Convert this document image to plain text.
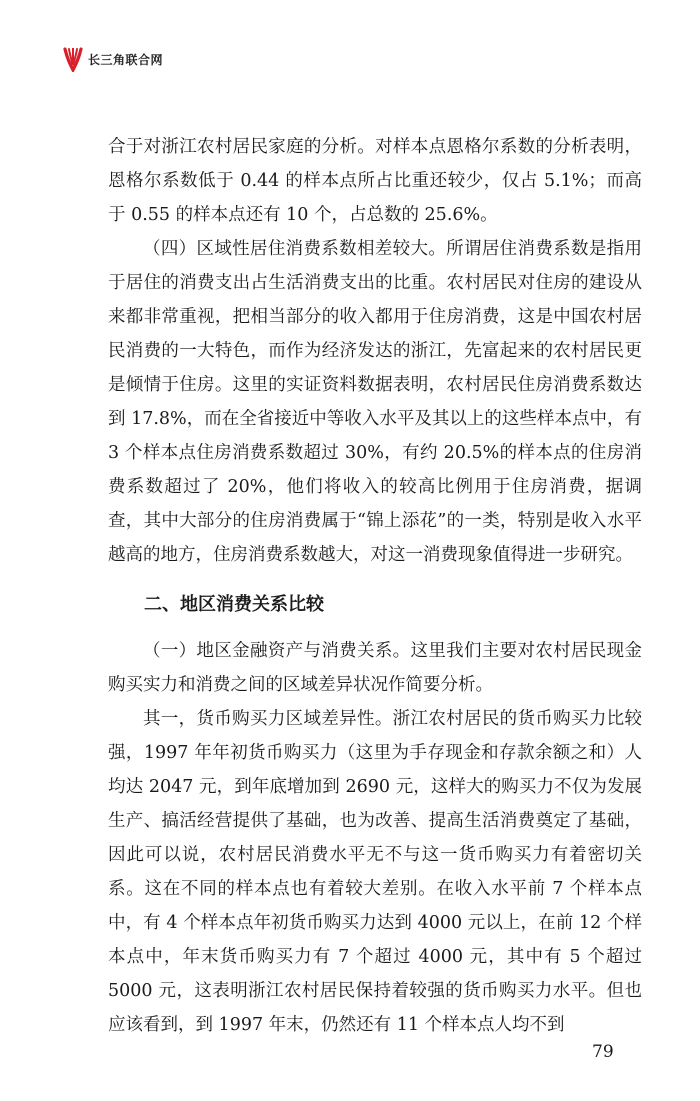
长三角联合网

合于对浙江农村居民家庭的分析。对样本点恩格尔系数的分析表明，恩格尔系数低于 0.44 的样本点所占比重还较少，仅占 5.1%；而高于 0.55 的样本点还有 10 个，占总数的 25.6%。

（四）区域性居住消费系数相差较大。所谓居住消费系数是指用于居住的消费支出占生活消费支出的比重。农村居民对住房的建设从来都非常重视，把相当部分的收入都用于住房消费，这是中国农村居民消费的一大特色，而作为经济发达的浙江，先富起来的农村居民更是倾情于住房。这里的实证资料数据表明，农村居民住房消费系数达到 17.8%，而在全省接近中等收入水平及其以上的这些样本点中，有 3 个样本点住房消费系数超过 30%，有约 20.5%的样本点的住房消费系数超过了 20%，他们将收入的较高比例用于住房消费，据调查，其中大部分的住房消费属于“锦上添花”的一类，特别是收入水平越高的地方，住房消费系数越大，对这一消费现象值得进一步研究。

二、地区消费关系比较

（一）地区金融资产与消费关系。这里我们主要对农村居民现金购买实力和消费之间的区域差异状况作简要分析。

其一，货币购买力区域差异性。浙江农村居民的货币购买力比较强，1997 年年初货币购买力（这里为手存现金和存款余额之和）人均达 2047 元，到年底增加到 2690 元，这样大的购买力不仅为发展生产、搞活经营提供了基础，也为改善、提高生活消费奠定了基础，因此可以说，农村居民消费水平无不与这一货币购买力有着密切关系。这在不同的样本点也有着较大差别。在收入水平前 7 个样本点中，有 4 个样本点年初货币购买力达到 4000 元以上，在前 12 个样本点中，年末货币购买力有 7 个超过 4000 元，其中有 5 个超过 5000 元，这表明浙江农村居民保持着较强的货币购买力水平。但也应该看到，到 1997 年末，仍然还有 11 个样本点人均不到

79
